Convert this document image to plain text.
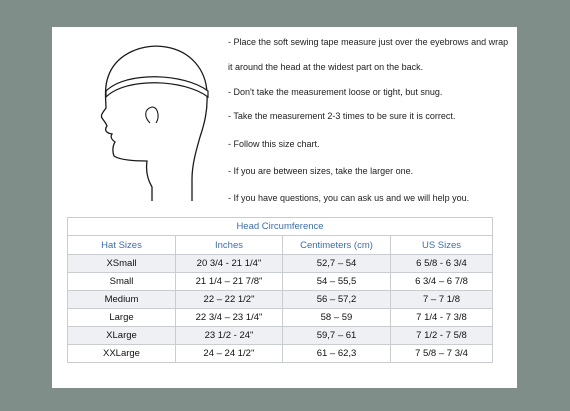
- Place the soft sewing tape measure just over the eyebrows and wrap
it around the head at the widest part on the back.
- Don't take the measurement loose or tight, but snug.
- Take the measurement 2-3 times to be sure it is correct.
- Follow this size chart.
- If you are between sizes, take the larger one.
- If you have questions, you can ask us and we will help you.
Head Circumference			
Hat Sizes	Inches	Centimeters (cm)	US Sizes
XSmall	20 3/4 - 21 1/4"	52,7 – 54	6 5/8 - 6 3/4
Small	21 1/4 – 21 7/8"	54 – 55,5	6 3/4 – 6 7/8
Medium	22 – 22 1/2"	56 – 57,2	7 – 7 1/8
Large	22 3/4 – 23 1/4"	58 – 59	7 1/4 - 7 3/8
XLarge	23 1/2 - 24"	59,7 – 61	7 1/2 - 7 5/8
XXLarge	24 – 24 1/2''	61 – 62,3	7 5/8 – 7 3/4
